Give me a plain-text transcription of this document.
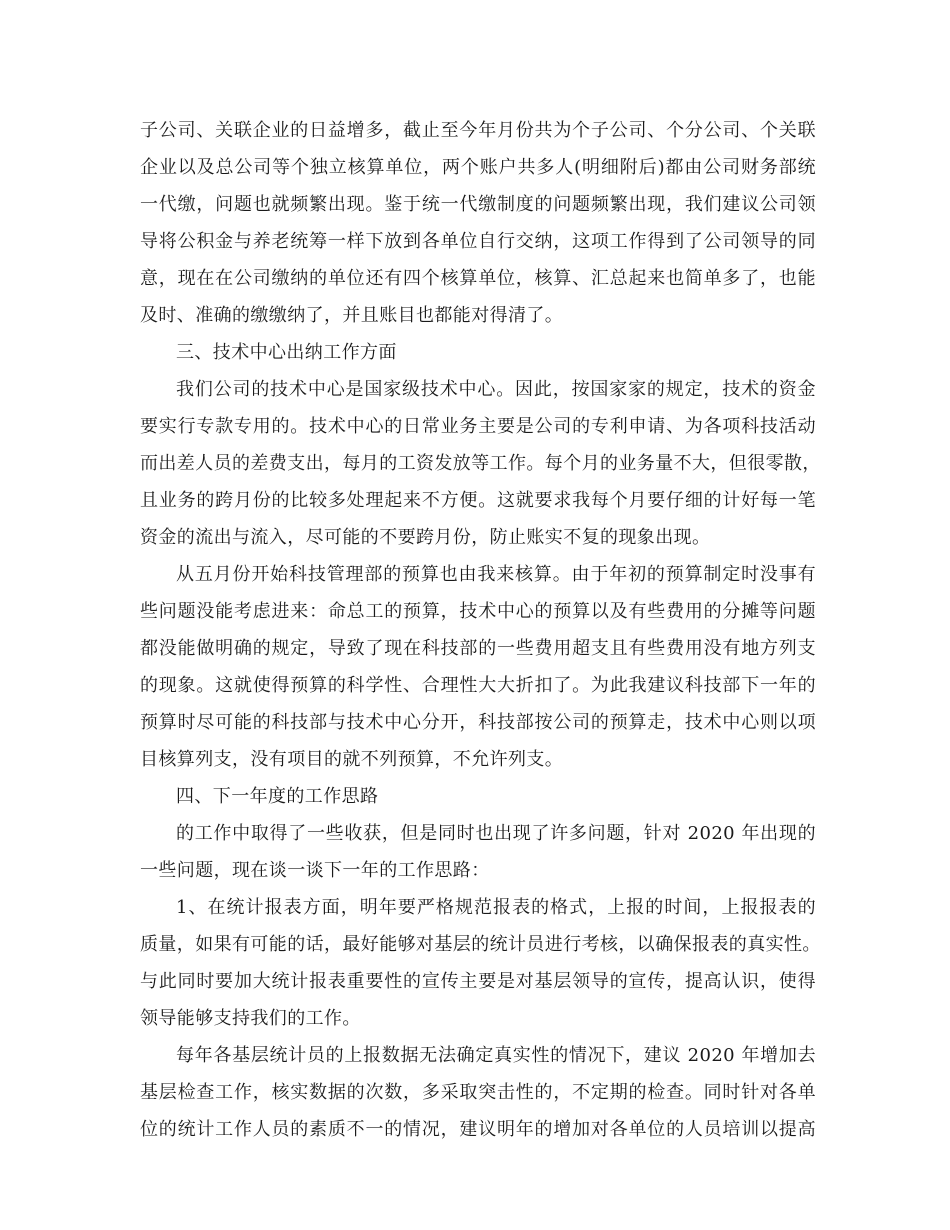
子公司、关联企业的日益增多，截止至今年月份共为个子公司、个分公司、个关联
企业以及总公司等个独立核算单位，两个账户共多人(明细附后)都由公司财务部统
一代缴，问题也就频繁出现。鉴于统一代缴制度的问题频繁出现，我们建议公司领
导将公积金与养老统筹一样下放到各单位自行交纳，这项工作得到了公司领导的同
意，现在在公司缴纳的单位还有四个核算单位，核算、汇总起来也简单多了，也能
及时、准确的缴缴纳了，并且账目也都能对得清了。
三、技术中心出纳工作方面
我们公司的技术中心是国家级技术中心。因此，按国家家的规定，技术的资金
要实行专款专用的。技术中心的日常业务主要是公司的专利申请、为各项科技活动
而出差人员的差费支出，每月的工资发放等工作。每个月的业务量不大，但很零散，
且业务的跨月份的比较多处理起来不方便。这就要求我每个月要仔细的计好每一笔
资金的流出与流入，尽可能的不要跨月份，防止账实不复的现象出现。
从五月份开始科技管理部的预算也由我来核算。由于年初的预算制定时没事有
些问题没能考虑进来：命总工的预算，技术中心的预算以及有些费用的分摊等问题
都没能做明确的规定，导致了现在科技部的一些费用超支且有些费用没有地方列支
的现象。这就使得预算的科学性、合理性大大折扣了。为此我建议科技部下一年的
预算时尽可能的科技部与技术中心分开，科技部按公司的预算走，技术中心则以项
目核算列支，没有项目的就不列预算，不允许列支。
四、下一年度的工作思路
的工作中取得了一些收获，但是同时也出现了许多问题，针对 2020 年出现的
一些问题，现在谈一谈下一年的工作思路：
1、在统计报表方面，明年要严格规范报表的格式，上报的时间，上报报表的
质量，如果有可能的话，最好能够对基层的统计员进行考核，以确保报表的真实性。
与此同时要加大统计报表重要性的宣传主要是对基层领导的宣传，提高认识，使得
领导能够支持我们的工作。
每年各基层统计员的上报数据无法确定真实性的情况下，建议 2020 年增加去
基层检查工作，核实数据的次数，多采取突击性的，不定期的检查。同时针对各单
位的统计工作人员的素质不一的情况，建议明年的增加对各单位的人员培训以提高
